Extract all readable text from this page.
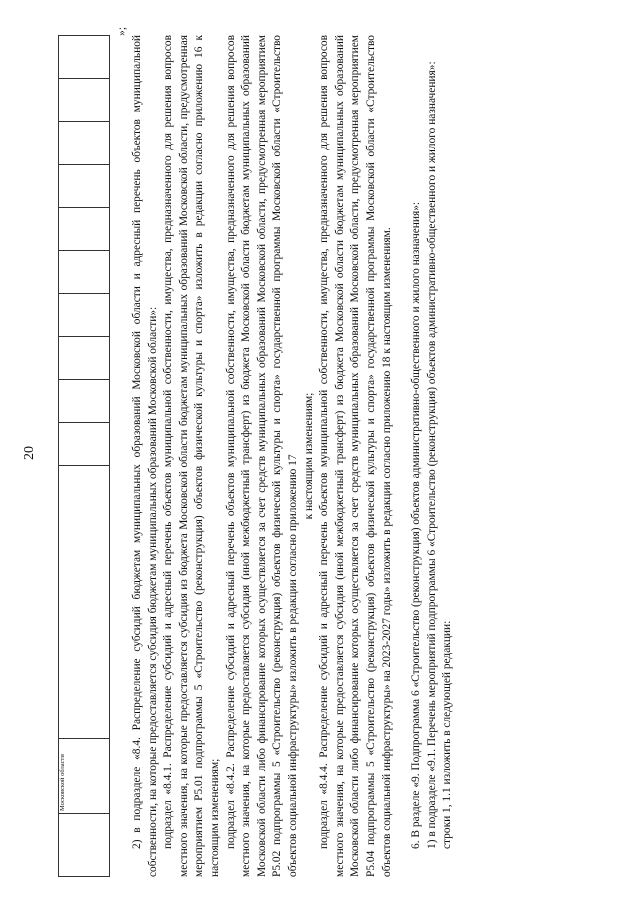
20
	Московской области											
»;

2) в подразделе «8.4. Распределение субсидий бюджетам муниципальных образований Московской области и адресный перечень объектов муниципальной собственности, на которые предоставляется субсидия бюджетам муниципальных образований Московской области»: подраздел «8.4.1. Распределение субсидий и адресный перечень объектов муниципальной собственности, имущества, предназначенного для решения вопросов местного значения, на которые предоставляется субсидия из бюджета Московской области бюджетам муниципальных образований Московской области, предусмотренная мероприятием Р5.01 подпрограммы 5 «Строительство (реконструкция) объектов физической культуры и спорта» изложить в редакции согласно приложению 16 к настоящим изменениям; подраздел «8.4.2. Распределение субсидий и адресный перечень объектов муниципальной собственности, имущества, предназначенного для решения вопросов местного значения, на которые предоставляется субсидия (иной межбюджетный трансферт) из бюджета Московской области бюджетам муниципальных образований Московской области либо финансирование которых осуществляется за счет средств муниципальных образований Московской области, предусмотренная мероприятием Р5.02 подпрограммы 5 «Строительство (реконструкция) объектов физической культуры и спорта» государственной программы Московской области «Строительство объектов социальной инфраструктуры» изложить в редакции согласно приложению 17 к настоящим изменениям; подраздел «8.4.4. Распределение субсидий и адресный перечень объектов муниципальной собственности, имущества, предназначенного для решения вопросов местного значения, на которые предоставляется субсидия (иной межбюджетный трансферт) из бюджета Московской области бюджетам муниципальных образований Московской области либо финансирование которых осуществляется за счет средств муниципальных образований Московской области, предусмотренная мероприятием Р5.04 подпрограммы 5 «Строительство (реконструкция) объектов физической культуры и спорта» государственной программы Московской области «Строительство объектов социальной инфраструктуры» на 2023-2027 годы» изложить в редакции согласно приложению 18 к настоящим изменениям. 6. В разделе «9. Подпрограмма 6 «Строительство (реконструкция) объектов административно-общественного и жилого назначения»: 1) в подразделе «9.1. Перечень мероприятий подпрограммы 6 «Строительство (реконструкция) объектов административно-общественного и жилого назначения»: строки 1, 1.1 изложить в следующей редакции:
